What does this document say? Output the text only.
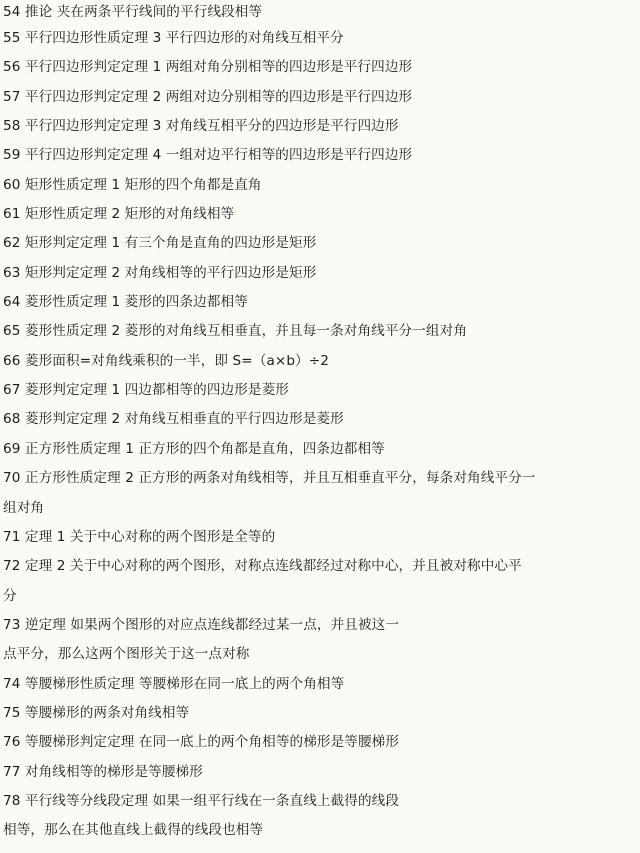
54 推论 夹在两条平行线间的平行线段相等
55 平行四边形性质定理 3 平行四边形的对角线互相平分
56 平行四边形判定定理 1 两组对角分别相等的四边形是平行四边形
57 平行四边形判定定理 2 两组对边分别相等的四边形是平行四边形
58 平行四边形判定定理 3 对角线互相平分的四边形是平行四边形
59 平行四边形判定定理 4 一组对边平行相等的四边形是平行四边形
60 矩形性质定理 1 矩形的四个角都是直角
61 矩形性质定理 2 矩形的对角线相等
62 矩形判定定理 1 有三个角是直角的四边形是矩形
63 矩形判定定理 2 对角线相等的平行四边形是矩形
64 菱形性质定理 1 菱形的四条边都相等
65 菱形性质定理 2 菱形的对角线互相垂直，并且每一条对角线平分一组对角
66 菱形面积=对角线乘积的一半，即 S=（a×b）÷2
67 菱形判定定理 1 四边都相等的四边形是菱形
68 菱形判定定理 2 对角线互相垂直的平行四边形是菱形
69 正方形性质定理 1 正方形的四个角都是直角，四条边都相等
70 正方形性质定理 2 正方形的两条对角线相等，并且互相垂直平分，每条对角线平分一
组对角
71 定理 1 关于中心对称的两个图形是全等的
72 定理 2 关于中心对称的两个图形，对称点连线都经过对称中心，并且被对称中心平
分
73 逆定理 如果两个图形的对应点连线都经过某一点，并且被这一
点平分，那么这两个图形关于这一点对称
74 等腰梯形性质定理 等腰梯形在同一底上的两个角相等
75 等腰梯形的两条对角线相等
76 等腰梯形判定定理 在同一底上的两个角相等的梯形是等腰梯形
77 对角线相等的梯形是等腰梯形
78 平行线等分线段定理 如果一组平行线在一条直线上截得的线段
相等，那么在其他直线上截得的线段也相等
